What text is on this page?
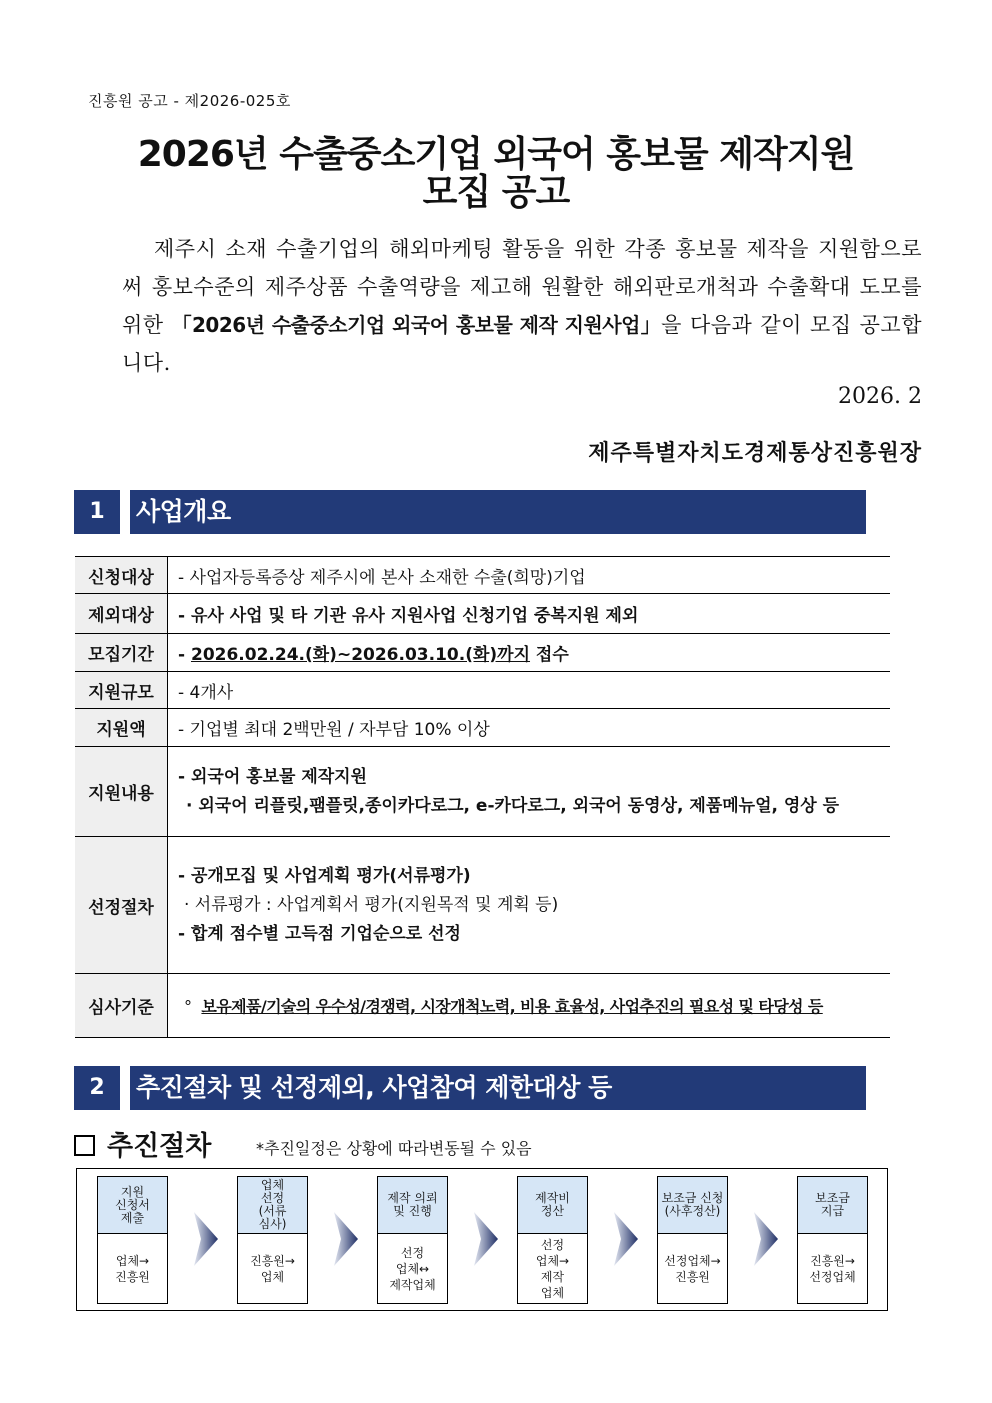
진흥원 공고 - 제2026-025호
2026년 수출중소기업 외국어 홍보물 제작지원
모집 공고

제주시 소재 수출기업의 해외마케팅 활동을 위한 각종 홍보물 제작을 지원함으로써 홍보수준의 제주상품 수출역량을 제고해 원활한 해외판로개척과 수출확대 도모를 위한 「2026년 수출중소기업 외국어 홍보물 제작 지원사업」을 다음과 같이 모집 공고합니다.

2026. 2
제주특별자치도경제통상진흥원장
1	사업개요
신청대상	- 사업자등록증상 제주시에 본사 소재한 수출(희망)기업
제외대상	- 유사 사업 및 타 기관 유사 지원사업 신청기업 중복지원 제외
모집기간	- 2026.02.24.(화)~2026.03.10.(화)까지 접수
지원규모	- 4개사
지원액	- 기업별 최대 2백만원 / 자부담 10% 이상
지원내용	- 외국어 홍보물 제작지원
· 외국어 리플릿,팸플릿,종이카다로그, e-카다로그, 외국어 동영상, 제품메뉴얼, 영상 등

선정절차	- 공개모집 및 사업계획 평가(서류평가)
· 서류평가 : 사업계획서 평가(지원목적 및 계획 등)
- 합계 점수별 고득점 기업순으로 선정

심사기준	° 보유제품/기술의 우수성/경쟁력, 시장개척노력, 비용 효율성, 사업추진의 필요성 및 타당성 등
2	추진절차 및 선정제외, 사업참여 제한대상 등
추진절차	*추진일정은 상황에 따라변동될 수 있음
지원
신청서
제출
업체→
진흥원
업체
선정
(서류
심사)
진흥원→
업체
제작 의뢰
및 진행
선정
업체↔
제작업체
제작비
정산
선정
업체→
제작
업체
보조금 신청
(사후정산)
선정업체→
진흥원
보조금
지급
진흥원→
선정업체
